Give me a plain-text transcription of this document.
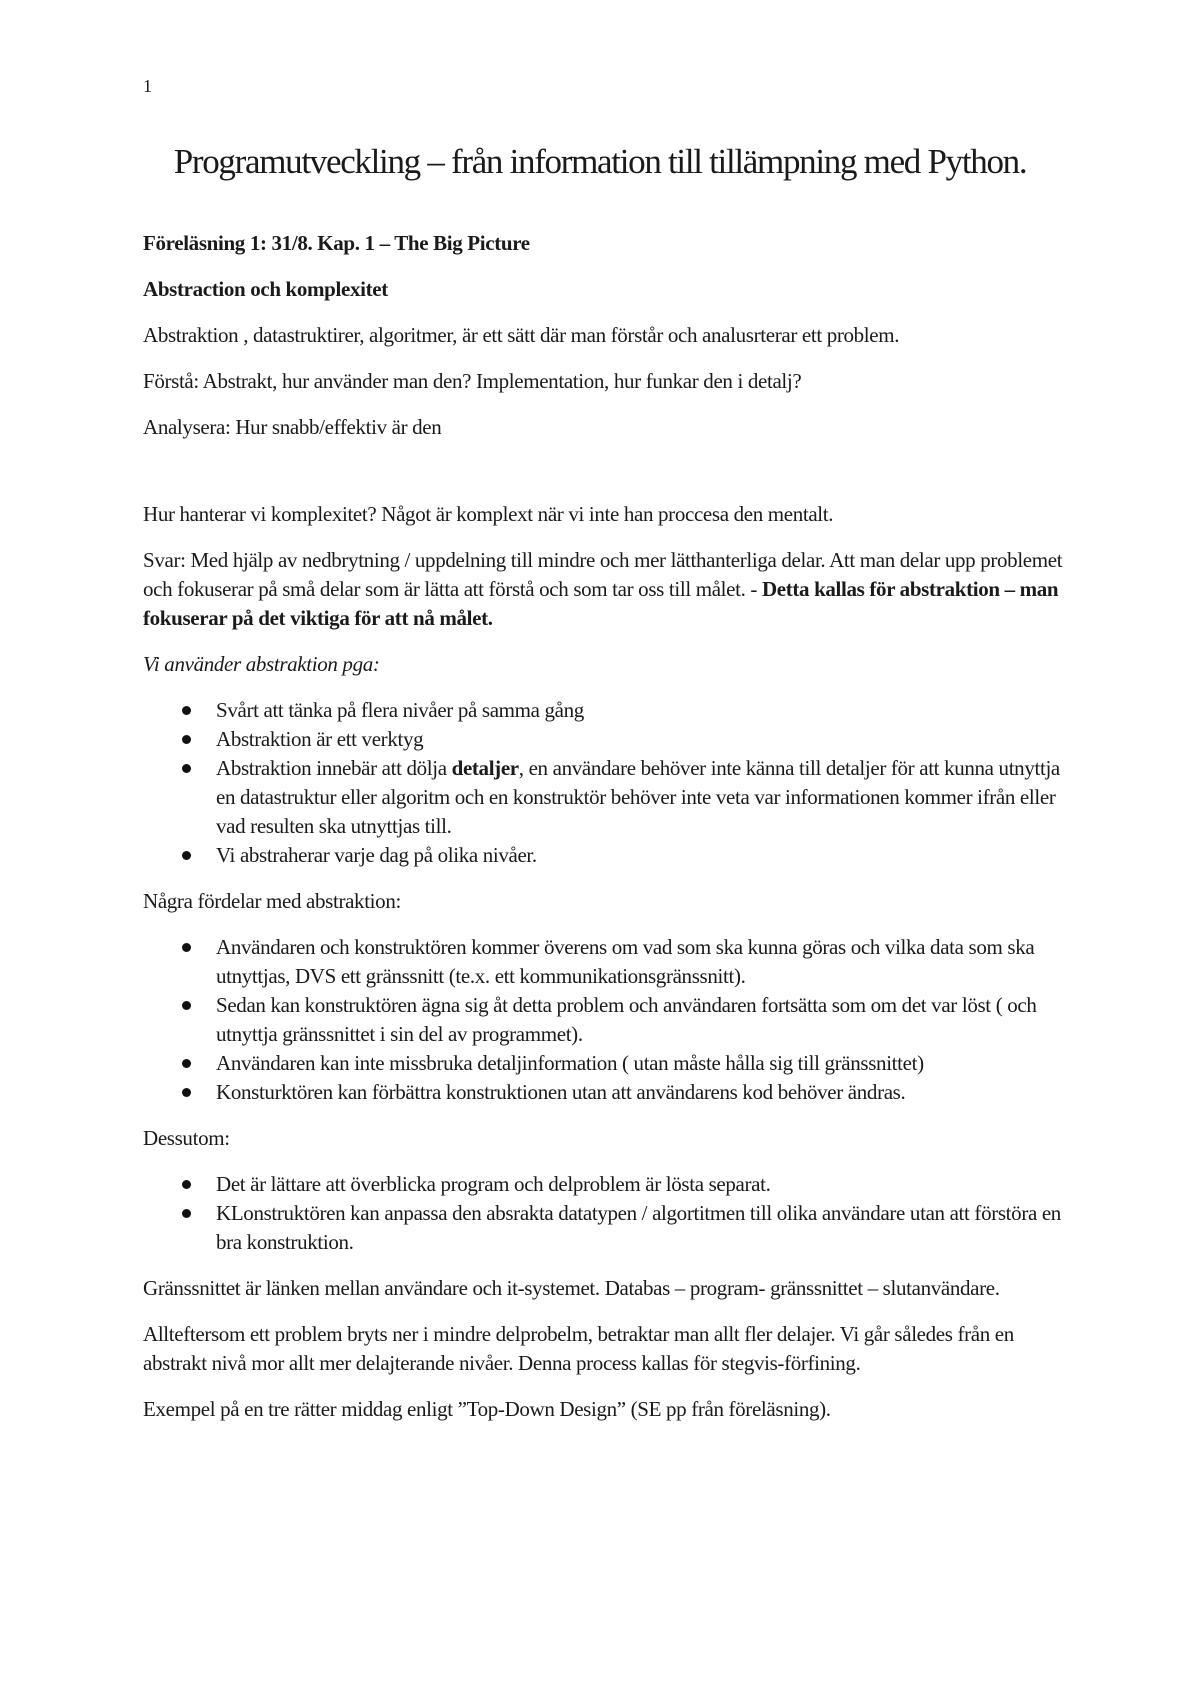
1
Programutveckling – från information till tillämpning med Python.

Föreläsning 1: 31/8. Kap. 1 – The Big Picture

Abstraction och komplexitet

Abstraktion , datastruktirer, algoritmer, är ett sätt där man förstår och analusrterar ett problem.

Förstå: Abstrakt, hur använder man den? Implementation, hur funkar den i detalj?

Analysera: Hur snabb/effektiv är den

Hur hanterar vi komplexitet? Något är komplext när vi inte han proccesa den mentalt.

Svar: Med hjälp av nedbrytning / uppdelning till mindre och mer lätthanterliga delar. Att man delar upp problemet och fokuserar på små delar som är lätta att förstå och som tar oss till målet. - Detta kallas för abstraktion – man fokuserar på det viktiga för att nå målet.

Vi använder abstraktion pga:

Svårt att tänka på flera nivåer på samma gång
Abstraktion är ett verktyg
Abstraktion innebär att dölja detaljer, en användare behöver inte känna till detaljer för att kunna utnyttja en datastruktur eller algoritm och en konstruktör behöver inte veta var informationen kommer ifrån eller vad resulten ska utnyttjas till.
Vi abstraherar varje dag på olika nivåer.

Några fördelar med abstraktion:

Användaren och konstruktören kommer överens om vad som ska kunna göras och vilka data som ska utnyttjas, DVS ett gränssnitt (te.x. ett kommunikationsgränssnitt).
Sedan kan konstruktören ägna sig åt detta problem och användaren fortsätta som om det var löst ( och utnyttja gränssnittet i sin del av programmet).
Användaren kan inte missbruka detaljinformation ( utan måste hålla sig till gränssnittet)
Konsturktören kan förbättra konstruktionen utan att användarens kod behöver ändras.

Dessutom:

Det är lättare att överblicka program och delproblem är lösta separat.
KLonstruktören kan anpassa den absrakta datatypen / algortitmen till olika användare utan att förstöra en bra konstruktion.

Gränssnittet är länken mellan användare och it-systemet. Databas – program- gränssnittet – slutanvändare.

Allteftersom ett problem bryts ner i mindre delprobelm, betraktar man allt fler delajer. Vi går således från en abstrakt nivå mor allt mer delajterande nivåer. Denna process kallas för stegvis-förfining.

Exempel på en tre rätter middag enligt ”Top-Down Design” (SE pp från föreläsning).
